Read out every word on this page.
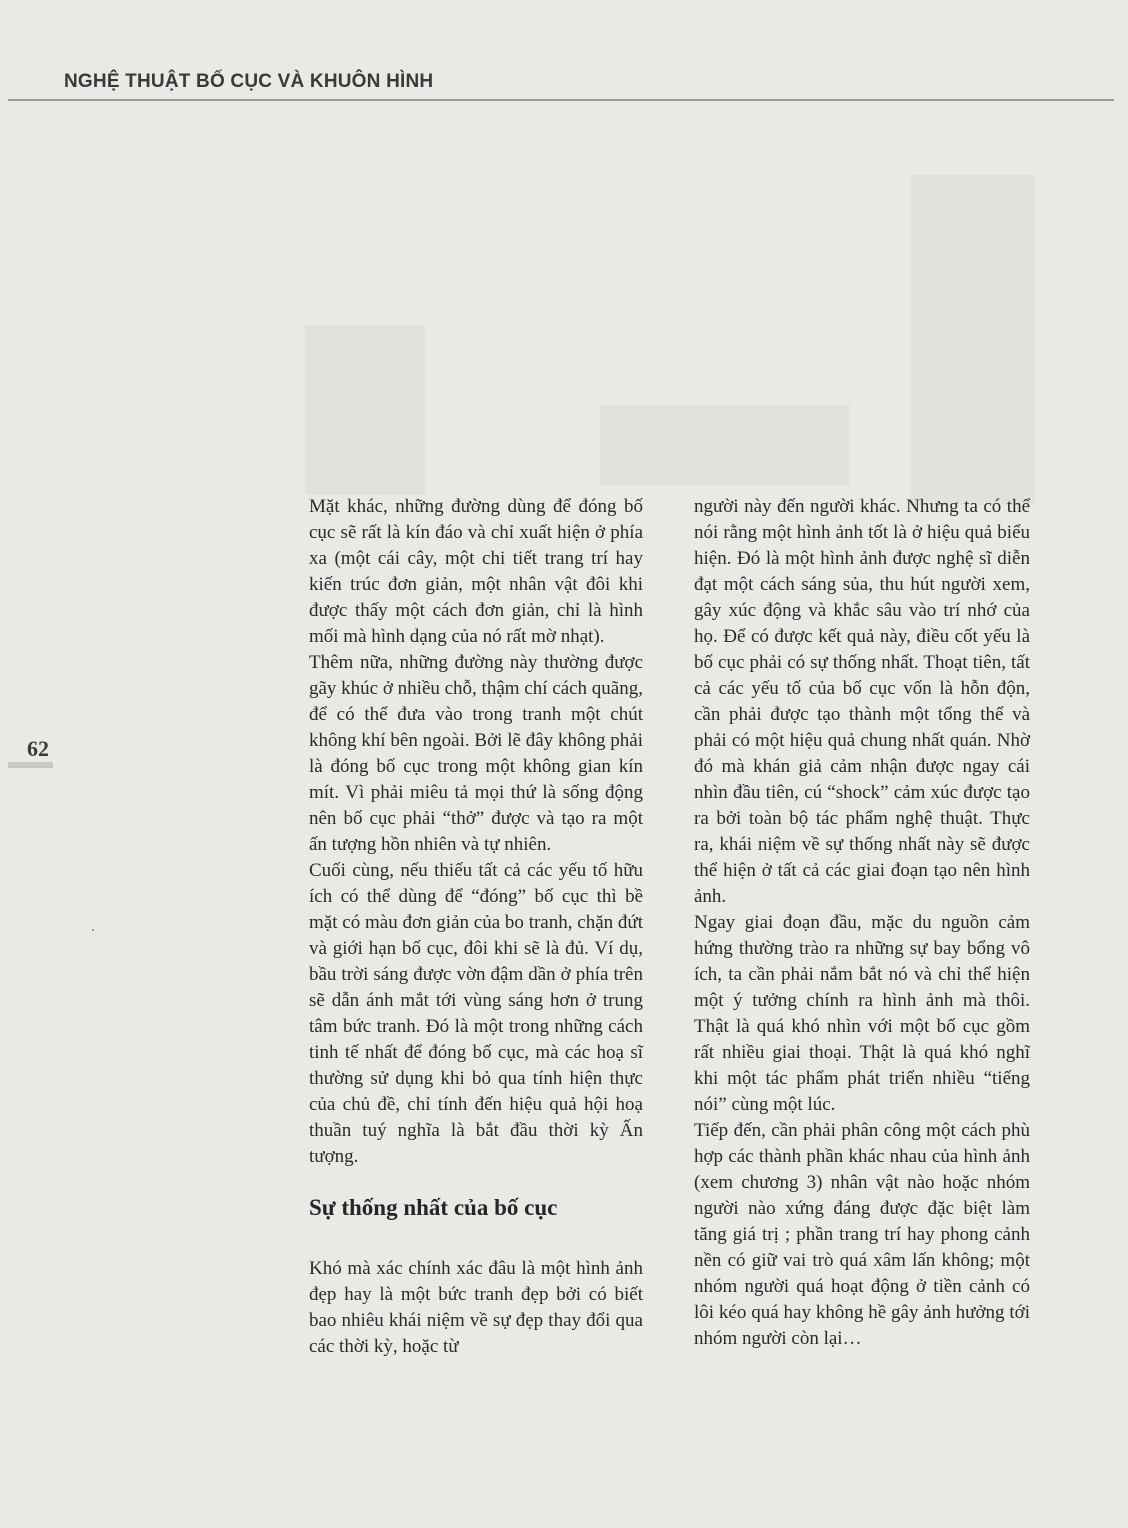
NGHỆ THUẬT BỐ CỤC VÀ KHUÔN HÌNH
62

Mặt khác, những đường dùng để đóng bố cục sẽ rất là kín đáo và chỉ xuất hiện ở phía xa (một cái cây, một chi tiết trang trí hay kiến trúc đơn giản, một nhân vật đôi khi được thấy một cách đơn giản, chỉ là hình mối mà hình dạng của nó rất mờ nhạt).

Thêm nữa, những đường này thường được gãy khúc ở nhiều chỗ, thậm chí cách quãng, để có thể đưa vào trong tranh một chút không khí bên ngoài. Bởi lẽ đây không phải là đóng bố cục trong một không gian kín mít. Vì phải miêu tả mọi thứ là sống động nên bố cục phải “thở” được và tạo ra một ấn tượng hồn nhiên và tự nhiên.

Cuối cùng, nếu thiếu tất cả các yếu tố hữu ích có thể dùng để “đóng” bố cục thì bề mặt có màu đơn giản của bo tranh, chặn đứt và giới hạn bố cục, đôi khi sẽ là đủ. Ví dụ, bầu trời sáng được vờn đậm dần ở phía trên sẽ dẫn ánh mắt tới vùng sáng hơn ở trung tâm bức tranh. Đó là một trong những cách tinh tế nhất để đóng bố cục, mà các hoạ sĩ thường sử dụng khi bỏ qua tính hiện thực của chủ đề, chỉ tính đến hiệu quả hội hoạ thuần tuý nghĩa là bắt đầu thời kỳ Ấn tượng.

Sự thống nhất của bố cục

Khó mà xác chính xác đâu là một hình ảnh đẹp hay là một bức tranh đẹp bởi có biết bao nhiêu khái niệm về sự đẹp thay đổi qua các thời kỳ, hoặc từ

người này đến người khác. Nhưng ta có thể nói rằng một hình ảnh tốt là ở hiệu quả biểu hiện. Đó là một hình ảnh được nghệ sĩ diễn đạt một cách sáng sủa, thu hút người xem, gây xúc động và khắc sâu vào trí nhớ của họ. Để có được kết quả này, điều cốt yếu là bố cục phải có sự thống nhất. Thoạt tiên, tất cả các yếu tố của bố cục vốn là hỗn độn, cần phải được tạo thành một tổng thể và phải có một hiệu quả chung nhất quán. Nhờ đó mà khán giả cảm nhận được ngay cái nhìn đầu tiên, cú “shock” cảm xúc được tạo ra bởi toàn bộ tác phẩm nghệ thuật. Thực ra, khái niệm về sự thống nhất này sẽ được thể hiện ở tất cả các giai đoạn tạo nên hình ảnh.

Ngay giai đoạn đầu, mặc du nguồn cảm hứng thường trào ra những sự bay bổng vô ích, ta cần phải nắm bắt nó và chỉ thể hiện một ý tưởng chính ra hình ảnh mà thôi. Thật là quá khó nhìn với một bố cục gồm rất nhiều giai thoại. Thật là quá khó nghĩ khi một tác phẩm phát triển nhiều “tiếng nói” cùng một lúc.

Tiếp đến, cần phải phân công một cách phù hợp các thành phần khác nhau của hình ảnh (xem chương 3) nhân vật nào hoặc nhóm người nào xứng đáng được đặc biệt làm tăng giá trị ; phần trang trí hay phong cảnh nền có giữ vai trò quá xâm lấn không; một nhóm người quá hoạt động ở tiền cảnh có lôi kéo quá hay không hề gây ảnh hưởng tới nhóm người còn lại…
